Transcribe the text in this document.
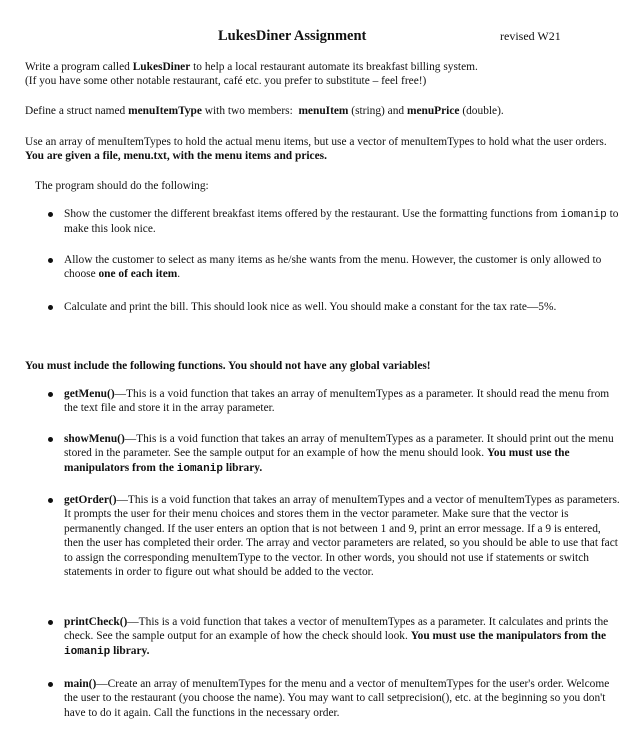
LukesDiner Assignment	revised W21

Write a program called LukesDiner to help a local restaurant automate its breakfast billing system.
(If you have some other notable restaurant, café etc. you prefer to substitute – feel free!)

Define a struct named menuItemType with two members:  menuItem (string) and menuPrice (double).

Use an array of menuItemTypes to hold the actual menu items, but use a vector of menuItemTypes to hold what the user orders. You are given a file, menu.txt, with the menu items and prices.

The program should do the following:

Show the customer the different breakfast items offered by the restaurant. Use the formatting functions from iomanip to make this look nice.

Allow the customer to select as many items as he/she wants from the menu. However, the customer is only allowed to choose one of each item.

Calculate and print the bill. This should look nice as well. You should make a constant for the tax rate—5%.

You must include the following functions. You should not have any global variables!

getMenu()—This is a void function that takes an array of menuItemTypes as a parameter. It should read the menu from the text file and store it in the array parameter.

showMenu()—This is a void function that takes an array of menuItemTypes as a parameter. It should print out the menu stored in the parameter. See the sample output for an example of how the menu should look. You must use the manipulators from the iomanip library.

getOrder()—This is a void function that takes an array of menuItemTypes and a vector of menuItemTypes as parameters. It prompts the user for their menu choices and stores them in the vector parameter. Make sure that the vector is permanently changed. If the user enters an option that is not between 1 and 9, print an error message. If a 9 is entered, then the user has completed their order. The array and vector parameters are related, so you should be able to use that fact to assign the corresponding menuItemType to the vector. In other words, you should not use if statements or switch statements in order to figure out what should be added to the vector.

printCheck()—This is a void function that takes a vector of menuItemTypes as a parameter. It calculates and prints the check. See the sample output for an example of how the check should look. You must use the manipulators from the iomanip library.

main()—Create an array of menuItemTypes for the menu and a vector of menuItemTypes for the user's order. Welcome the user to the restaurant (you choose the name). You may want to call setprecision(), etc. at the beginning so you don't have to do it again. Call the functions in the necessary order.
